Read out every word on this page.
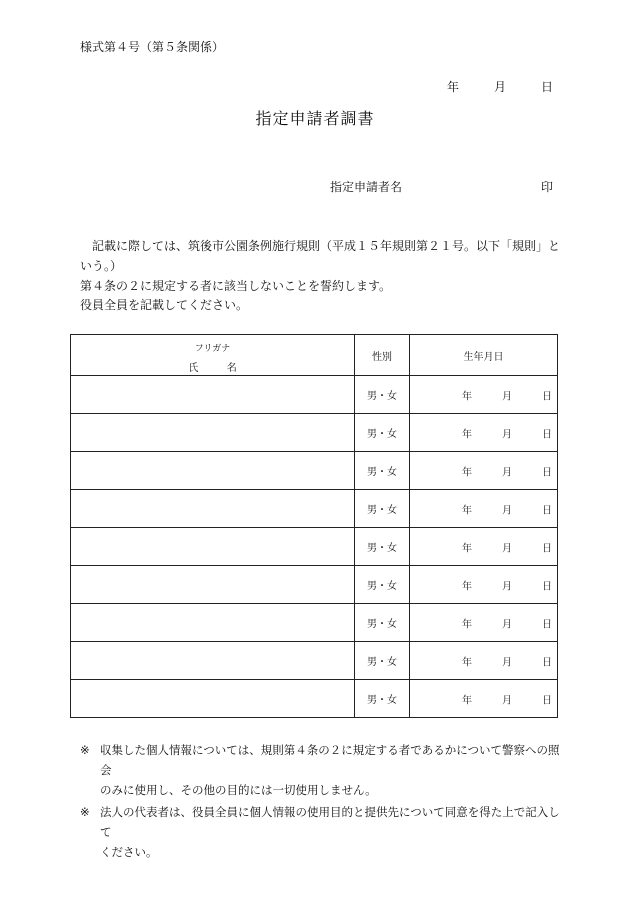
様式第４号（第５条関係）
年	月	日
指定申請者調書
指定申請者名	印

記載に際しては、筑後市公園条例施行規則（平成１５年規則第２１号。以下「規則」という。）

第４条の２に規定する者に該当しないことを誓約します。

役員全員を記載してください。
フリガナ
氏 名	性別	生年月日
	男・女	年 月 日

	男・女	年 月 日

	男・女	年 月 日

	男・女	年 月 日

	男・女	年 月 日

	男・女	年 月 日

	男・女	年 月 日

	男・女	年 月 日

	男・女	年 月 日
※ 収集した個人情報については、規則第４条の２に規定する者であるかについて警察への照会
のみに使用し、その他の目的には一切使用しません。
※ 法人の代表者は、役員全員に個人情報の使用目的と提供先について同意を得た上で記入して
ください。
